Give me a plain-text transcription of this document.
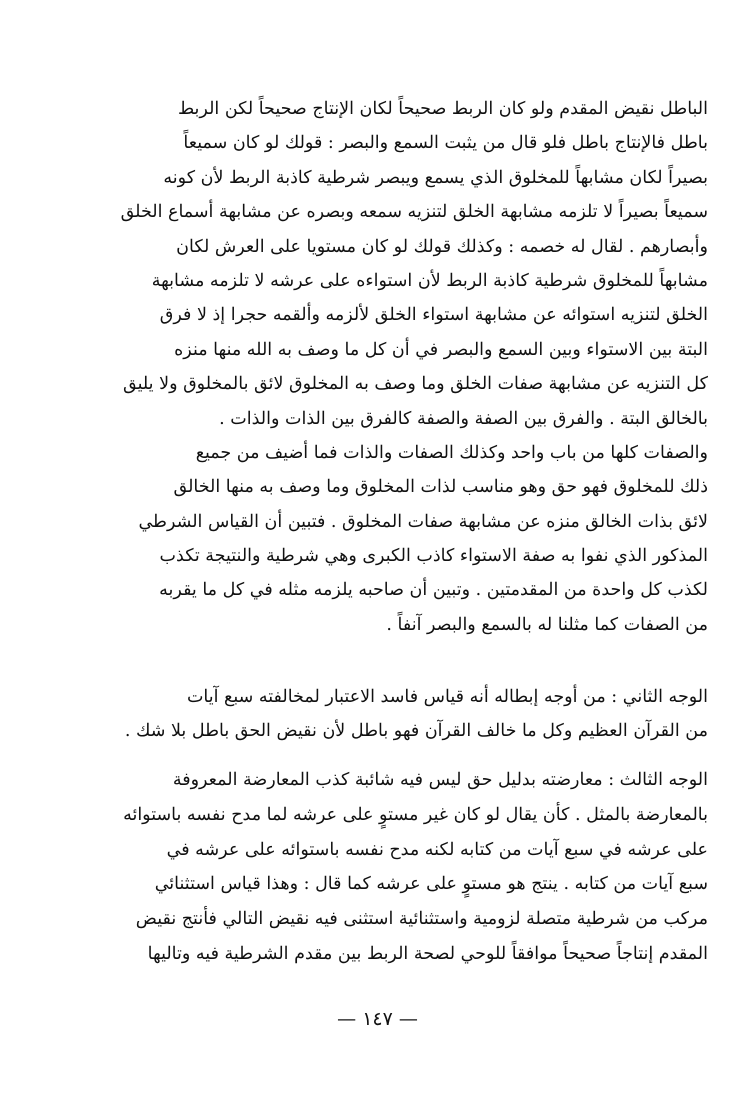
الباطل نقيض المقدم ولو كان الربط صحيحاً لكان الإنتاج صحيحاً لكن الربط
باطل فالإنتاج باطل فلو قال من يثبت السمع والبصر : قولك لو كان سميعاً
بصيراً لكان مشابهاً للمخلوق الذي يسمع ويبصر شرطية كاذبة الربط لأن كونه
سميعاً بصيراً لا تلزمه مشابهة الخلق لتنزيه سمعه وبصره عن مشابهة أسماع الخلق
وأبصارهم . لقال له خصمه : وكذلك قولك لو كان مستويا على العرش لكان
مشابهاً للمخلوق شرطية كاذبة الربط لأن استواءه على عرشه لا تلزمه مشابهة
الخلق لتنزيه استوائه عن مشابهة استواء الخلق لألزمه وألقمه حجرا إذ لا فرق
البتة بين الاستواء وبين السمع والبصر في أن كل ما وصف به الله منها منزه
كل التنزيه عن مشابهة صفات الخلق وما وصف به المخلوق لائق بالمخلوق ولا يليق
بالخالق البتة . والفرق بين الصفة والصفة كالفرق بين الذات والذات .
والصفات كلها من باب واحد وكذلك الصفات والذات فما أضيف من جميع
ذلك للمخلوق فهو حق وهو مناسب لذات المخلوق وما وصف به منها الخالق
لائق بذات الخالق منزه عن مشابهة صفات المخلوق . فتبين أن القياس الشرطي
المذكور الذي نفوا به صفة الاستواء كاذب الكبرى وهي شرطية والنتيجة تكذب
لكذب كل واحدة من المقدمتين . وتبين أن صاحبه يلزمه مثله في كل ما يقربه
من الصفات كما مثلنا له بالسمع والبصر آنفاً .
الوجه الثاني : من أوجه إبطاله أنه قياس فاسد الاعتبار لمخالفته سبع آيات
من القرآن العظيم وكل ما خالف القرآن فهو باطل لأن نقيض الحق باطل بلا شك .
الوجه الثالث : معارضته بدليل حق ليس فيه شائبة كذب المعارضة المعروفة
بالمعارضة بالمثل . كأن يقال لو كان غير مستوٍ على عرشه لما مدح نفسه باستوائه
على عرشه في سبع آيات من كتابه لكنه مدح نفسه باستوائه على عرشه في
سبع آيات من كتابه . ينتج هو مستوٍ على عرشه كما قال : وهذا قياس استثنائي
مركب من شرطية متصلة لزومية واستثنائية استثنى فيه نقيض التالي فأنتج نقيض
المقدم إنتاجاً صحيحاً موافقاً للوحي لصحة الربط بين مقدم الشرطية فيه وتاليها
— ١٤٧ —
